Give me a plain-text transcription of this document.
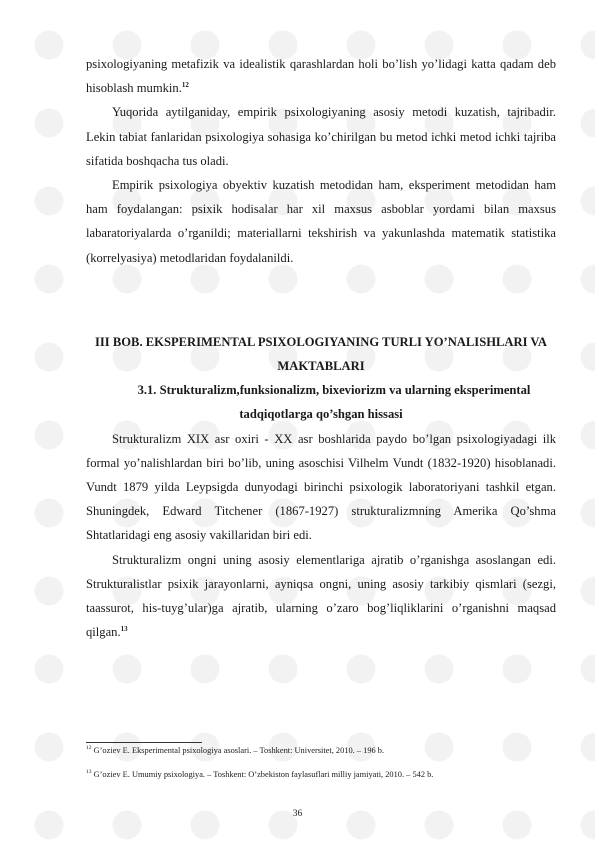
psixologiyaning metafizik va idealistik qarashlardan holi bo’lish yo’lidagi katta qadam deb hisoblash mumkin.$^{12}$

Yuqorida aytilganiday, empirik psixologiyaning asosiy metodi kuzatish, tajribadir. Lekin tabiat fanlaridan psixologiya sohasiga ko’chirilgan bu metod ichki metod ichki tajriba sifatida boshqacha tus oladi.

Empirik psixologiya obyektiv kuzatish metodidan ham, eksperiment metodidan ham ham foydalangan: psixik hodisalar har xil maxsus asboblar yordami bilan maxsus labaratoriyalarda o’rganildi; materiallarni tekshirish va yakunlashda matematik statistika (korrelyasiya) metodlaridan foydalanildi.

III BOB. EKSPERIMENTAL PSIXOLOGIYANING TURLI YO’NALISHLARI VA MAKTABLARI
3.1. Strukturalizm,funksionalizm, bixeviorizm va ularning eksperimental tadqiqotlarga qo’shgan hissasi

Strukturalizm XIX asr oxiri - XX asr boshlarida paydo bo’lgan psixologiyadagi ilk formal yo’nalishlardan biri bo’lib, uning asoschisi Vilhelm Vundt (1832-1920) hisoblanadi. Vundt 1879 yilda Leypsigda dunyodagi birinchi psixologik laboratoriyani tashkil etgan. Shuningdek, Edward Titchener (1867-1927) strukturalizmning Amerika Qo’shma Shtatlaridagi eng asosiy vakillaridan biri edi.

Strukturalizm ongni uning asosiy elementlariga ajratib o’rganishga asoslangan edi. Strukturalistlar psixik jarayonlarni, ayniqsa ongni, uning asosiy tarkibiy qismlari (sezgi, taassurot, his-tuyg’ular)ga ajratib, ularning o’zaro bog’liqliklarini o’rganishni maqsad qilgan.$^{13}$

$^{12}$ G’oziev E. Eksperimental psixologiya asoslari. – Toshkent: Universitet, 2010. – 196 b.
$^{13}$ G’oziev E. Umumiy psixologiya. – Toshkent: O’zbekiston faylasuflari milliy jamiyati, 2010. – 542 b.
36
